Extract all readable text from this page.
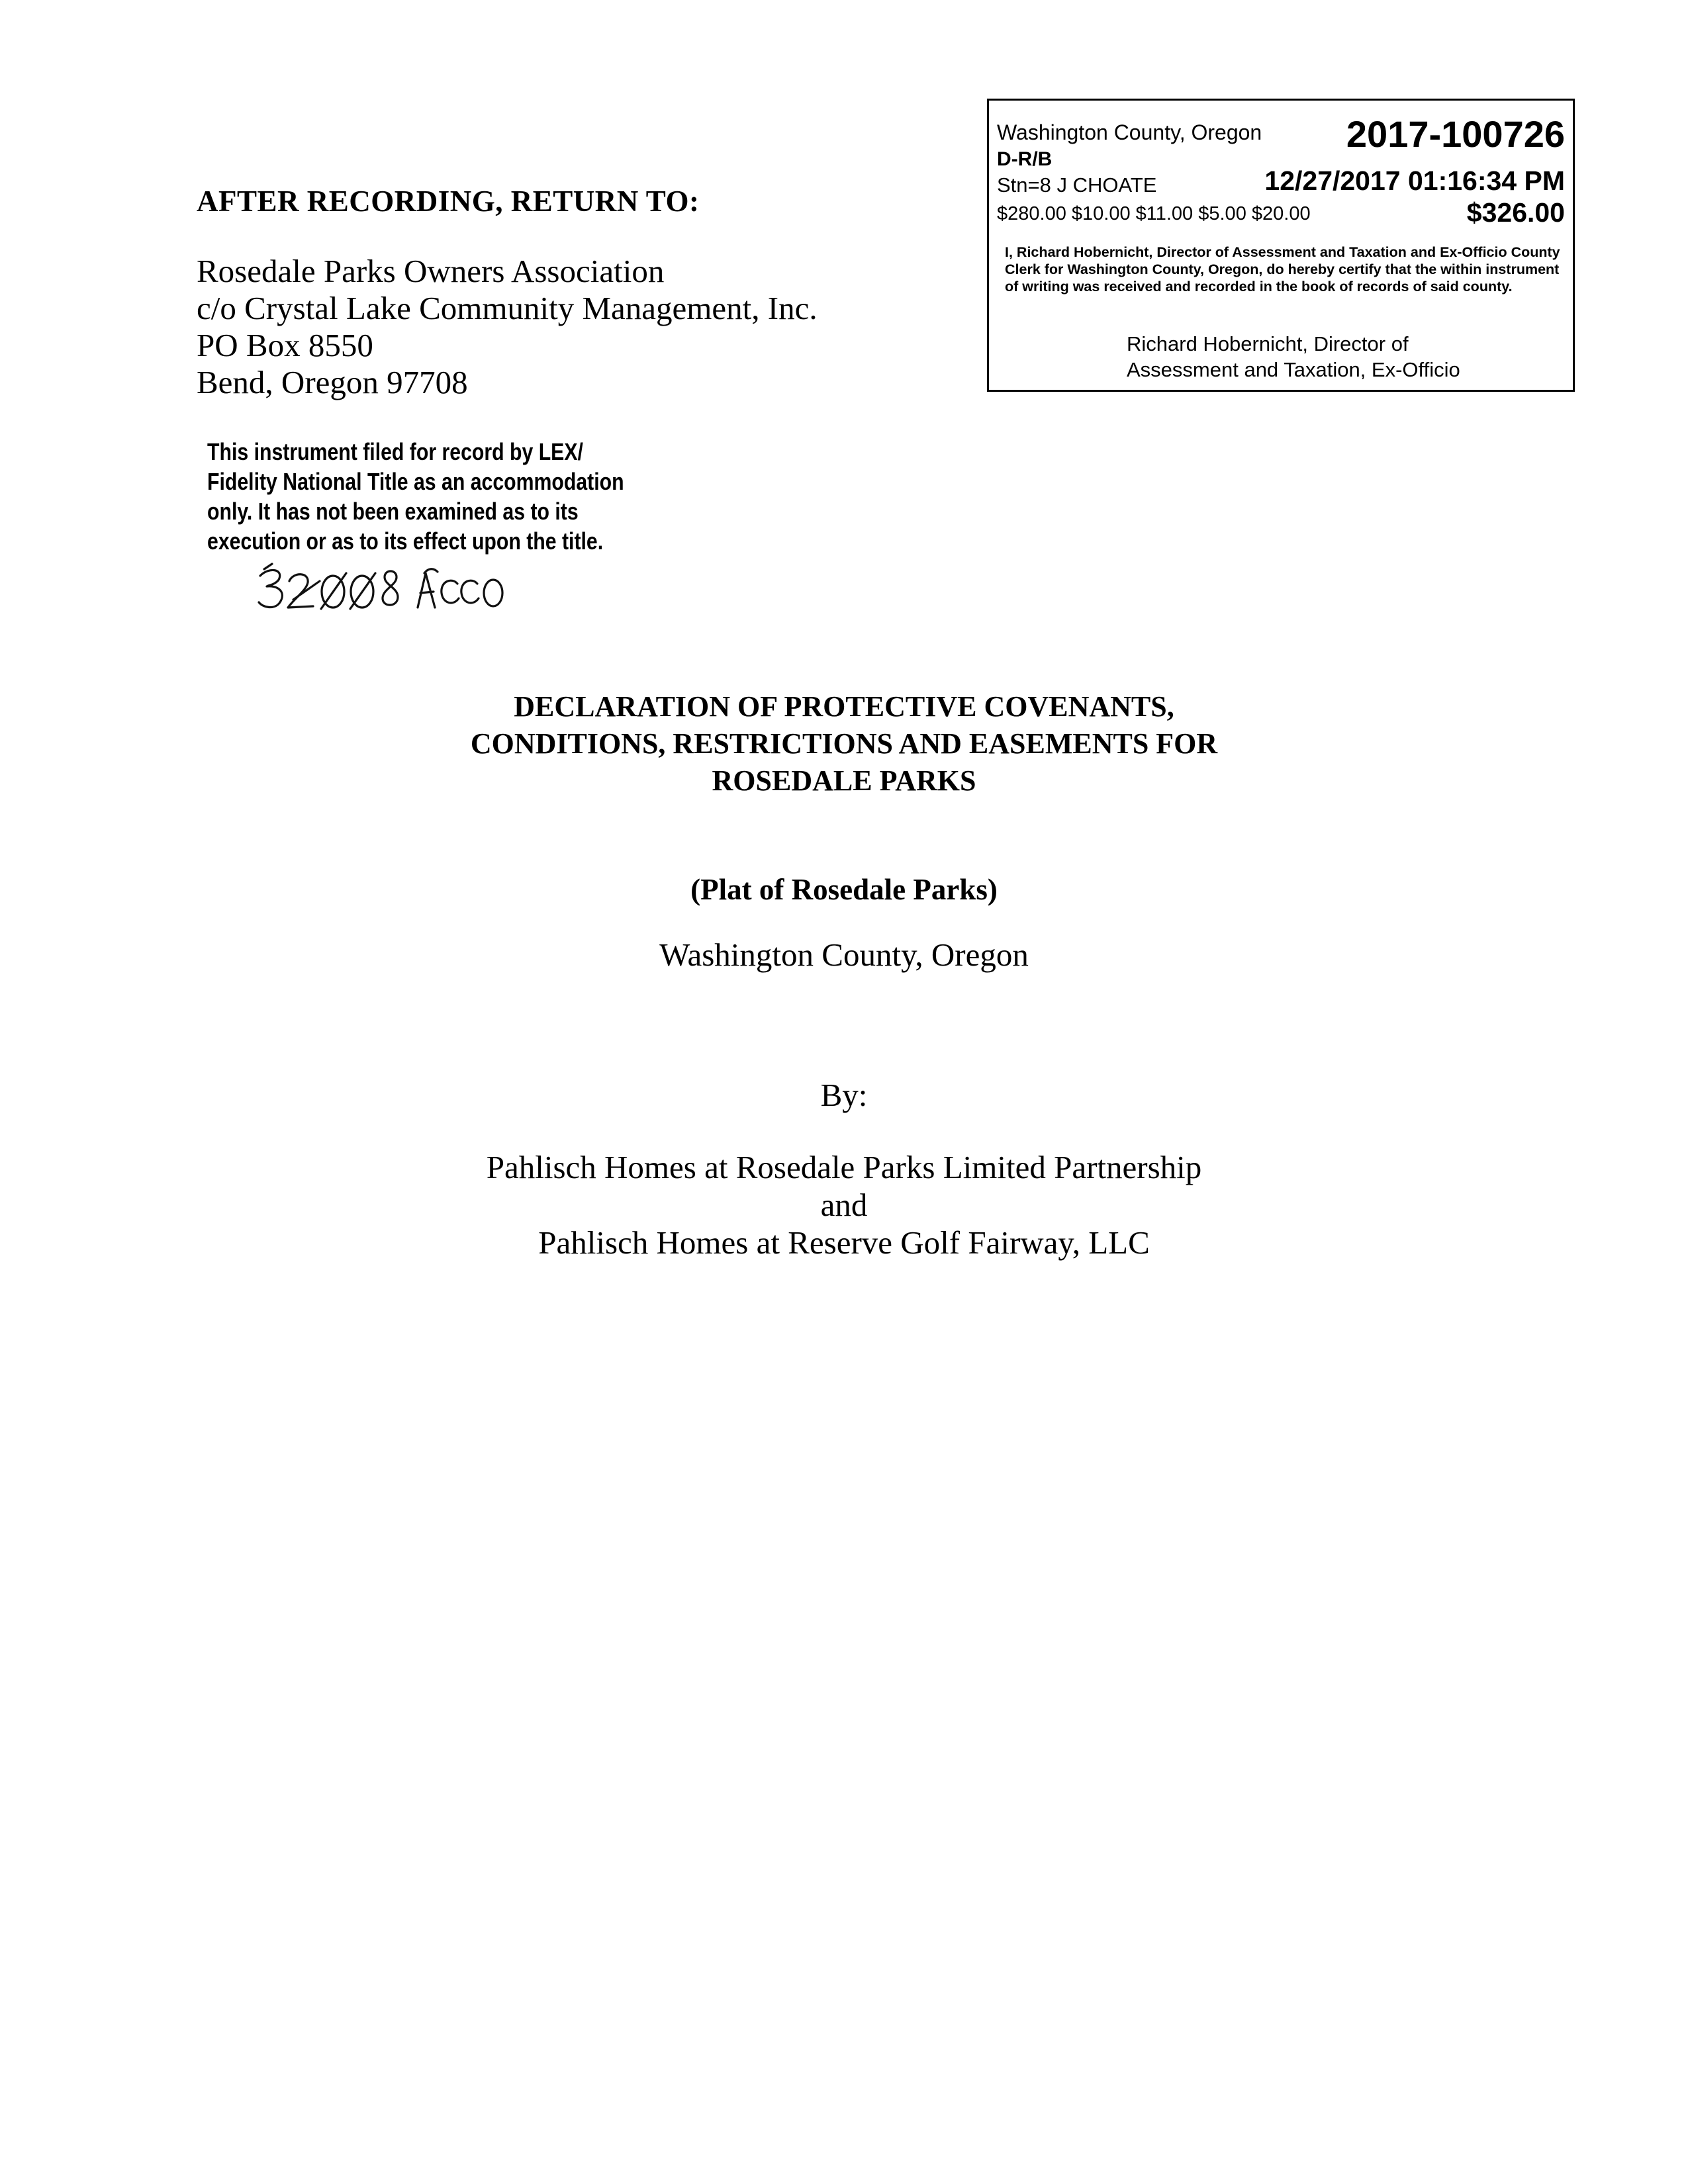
AFTER RECORDING, RETURN TO:
Rosedale Parks Owners Association
c/o Crystal Lake Community Management, Inc.
PO Box 8550
Bend, Oregon 97708
Washington County, Oregon 2017-100726
D-R/B
Stn=8 J CHOATE	12/27/2017 01:16:34 PM
$280.00 $10.00 $11.00 $5.00 $20.00	$326.00
I, Richard Hobernicht, Director of Assessment and Taxation and Ex-Officio County Clerk for Washington County, Oregon, do hereby certify that the within instrument of writing was received and recorded in the book of records of said county.
Richard Hobernicht, Director of
Assessment and Taxation, Ex-Officio
This instrument filed for record by LEX/
Fidelity National Title as an accommodation
only. It has not been examined as to its
execution or as to its effect upon the title.
DECLARATION OF PROTECTIVE COVENANTS,
CONDITIONS, RESTRICTIONS AND EASEMENTS FOR
ROSEDALE PARKS
(Plat of Rosedale Parks)
Washington County, Oregon
By:
Pahlisch Homes at Rosedale Parks Limited Partnership
and
Pahlisch Homes at Reserve Golf Fairway, LLC
